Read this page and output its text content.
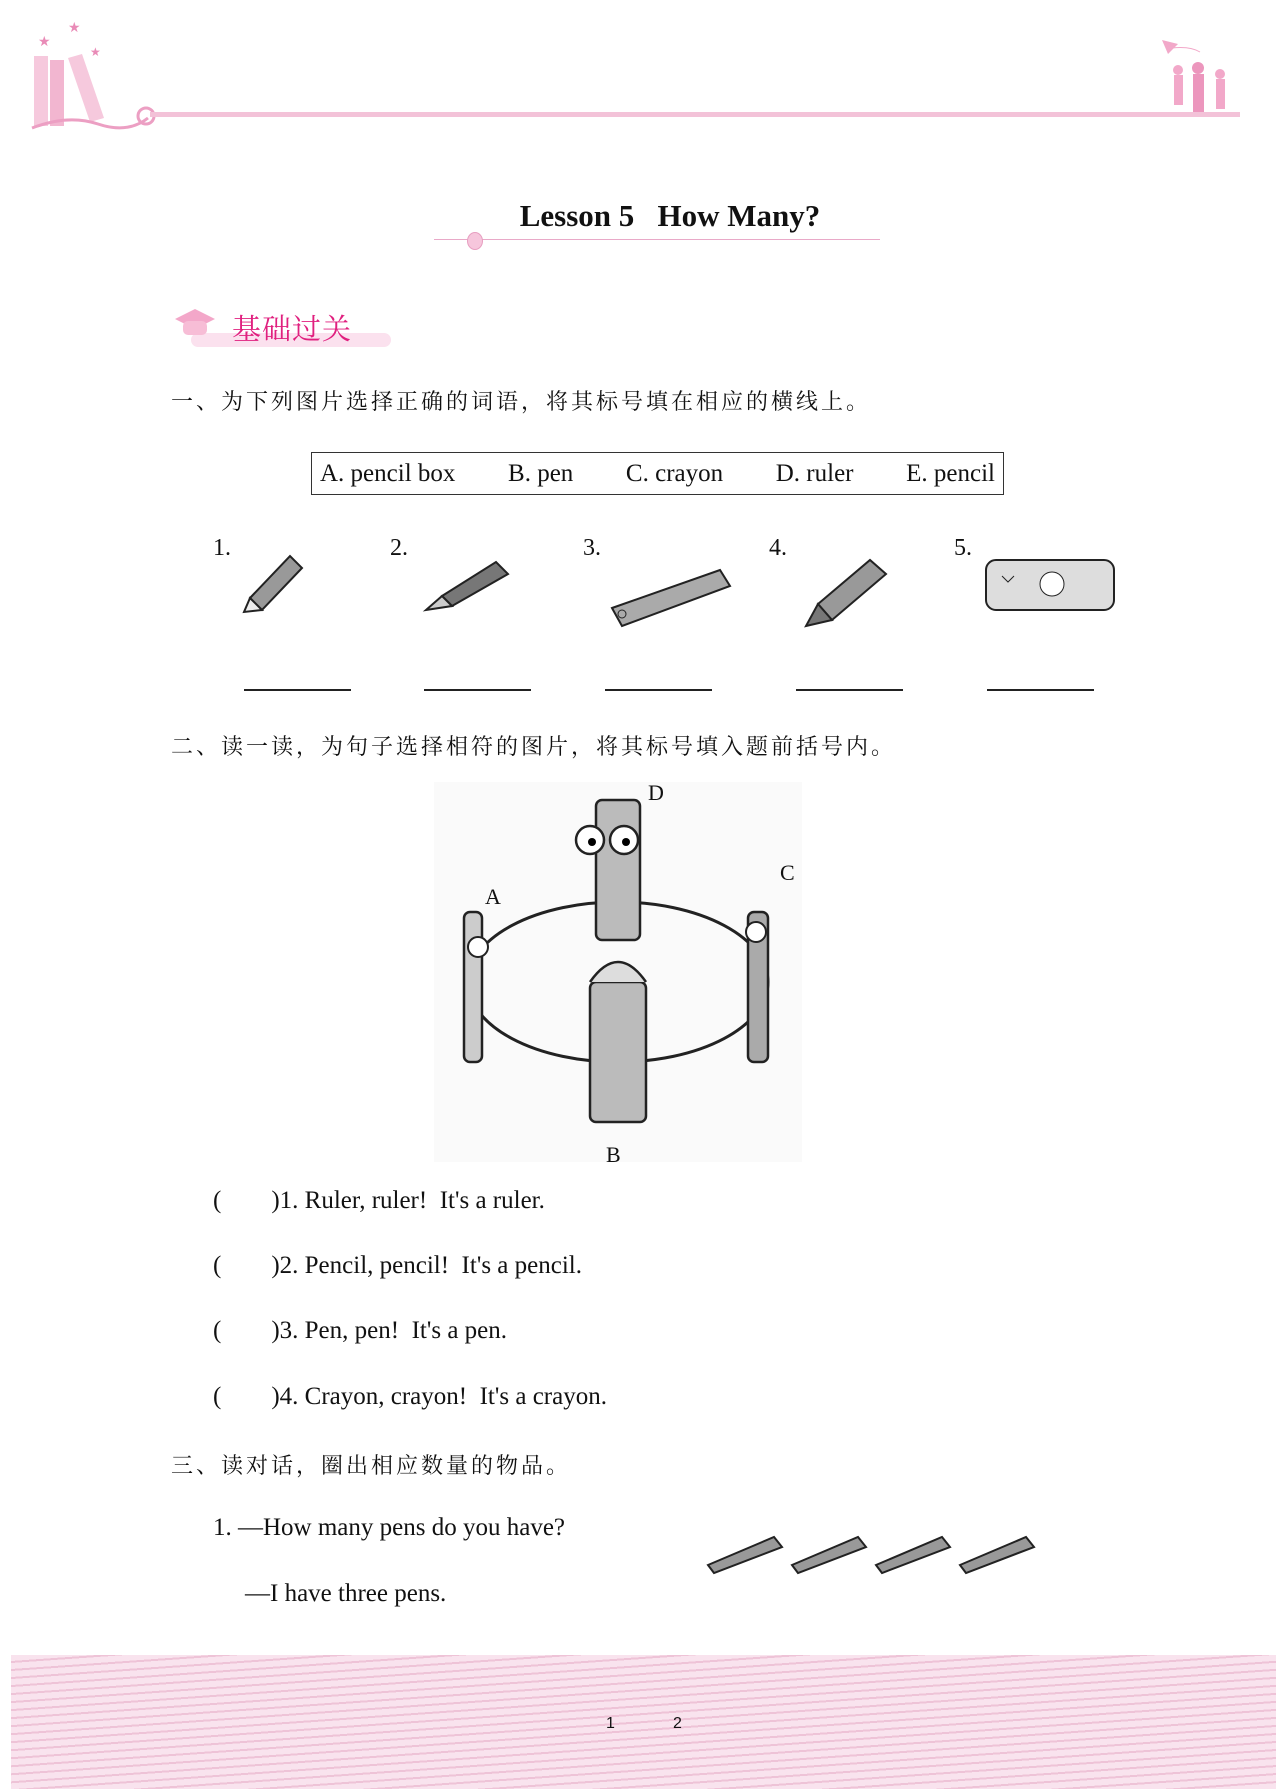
★
★
★
Lesson 5   How Many?
基础过关
一、为下列图片选择正确的词语，将其标号填在相应的横线上。
A. pencil box B. pen C. crayon D. ruler E. pencil
1.	2.	3.	4.	5.
二、读一读，为句子选择相符的图片，将其标号填入题前括号内。
D
A
C
B
(        )1. Ruler, ruler!  It's a ruler.
(        )2. Pencil, pencil!  It's a pencil.
(        )3. Pen, pen!  It's a pen.
(        )4. Crayon, crayon!  It's a crayon.
三、读对话，圈出相应数量的物品。
1. —How many pens do you have?
—I have three pens.
1	2
